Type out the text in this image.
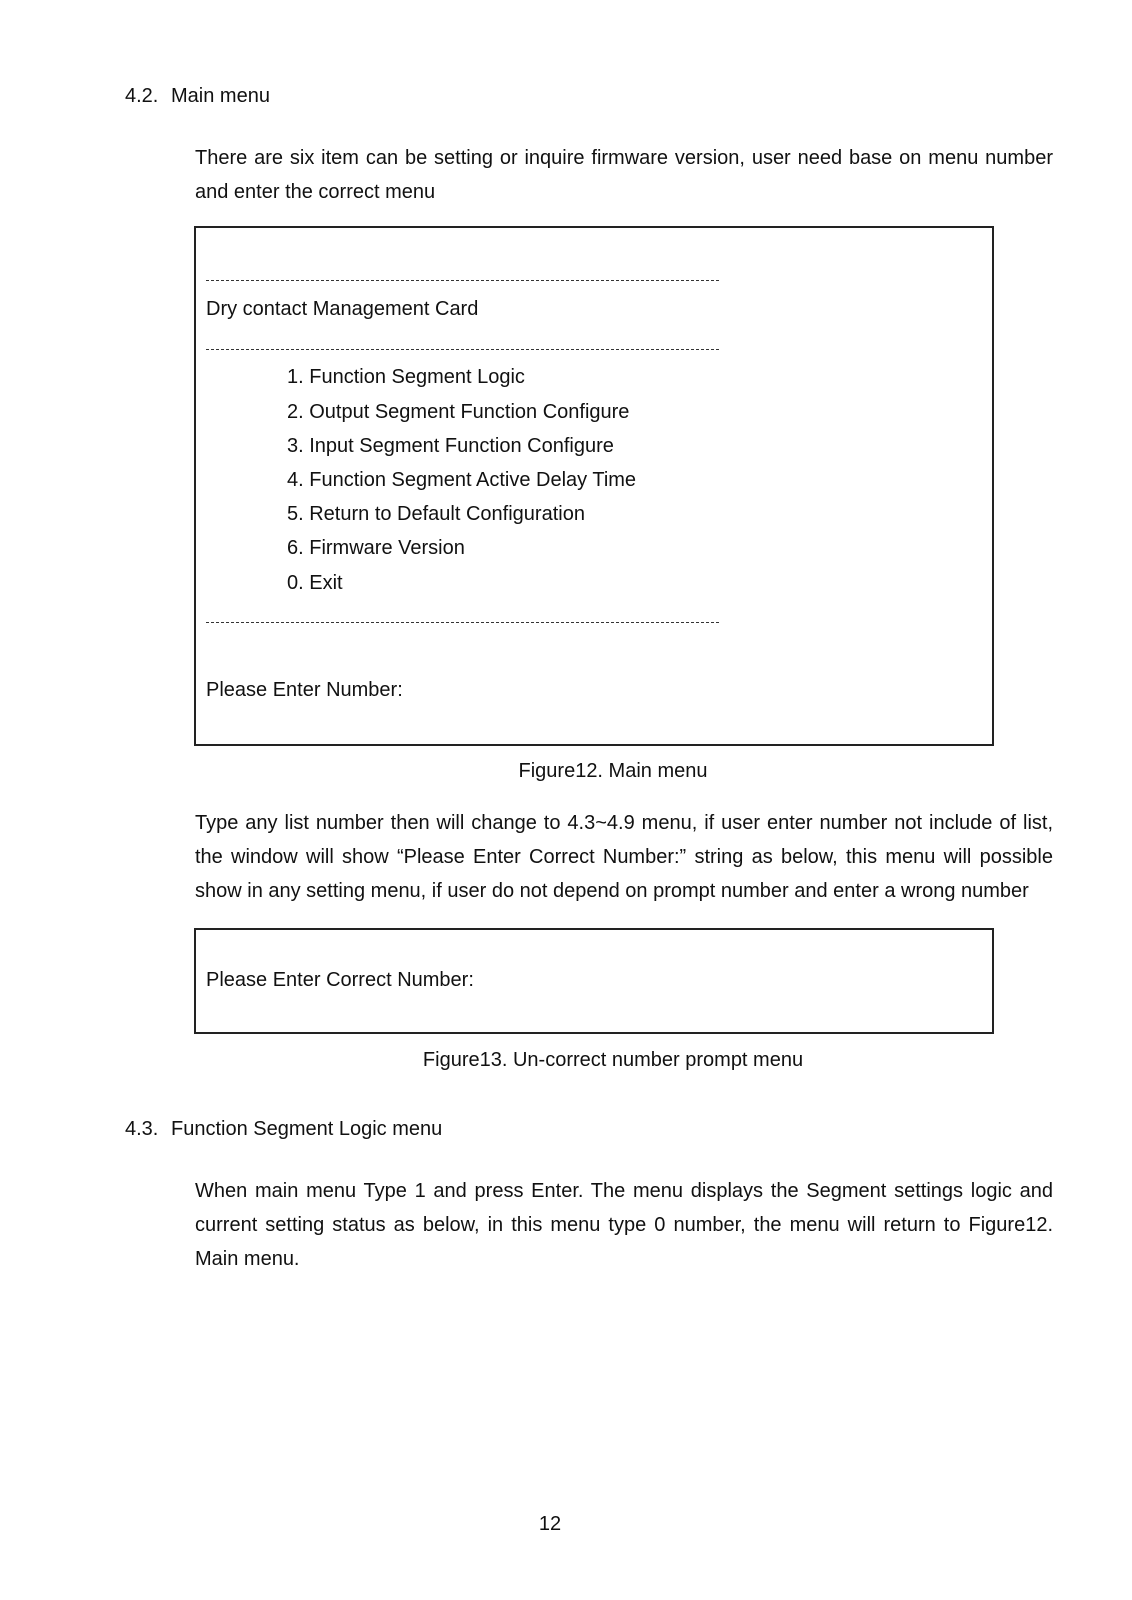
4.2. Main menu
There are six item can be setting or inquire firmware version, user need base on menu number and enter the correct menu
Dry contact Management Card
1. Function Segment Logic
2. Output Segment Function Configure
3. Input Segment Function Configure
4. Function Segment Active Delay Time
5. Return to Default Configuration
6. Firmware Version
0. Exit
Please Enter Number:
Figure12. Main menu
Type any list number then will change to 4.3~4.9 menu, if user enter number not include of list, the window will show “Please Enter Correct Number:” string as below, this menu will possible show in any setting menu, if user do not depend on prompt number and enter a wrong number
Please Enter Correct Number:
Figure13. Un-correct number prompt menu
4.3. Function Segment Logic menu
When main menu Type 1 and press Enter. The menu displays the Segment settings logic and current setting status as below, in this menu type 0 number, the menu will return to Figure12. Main menu.
12
